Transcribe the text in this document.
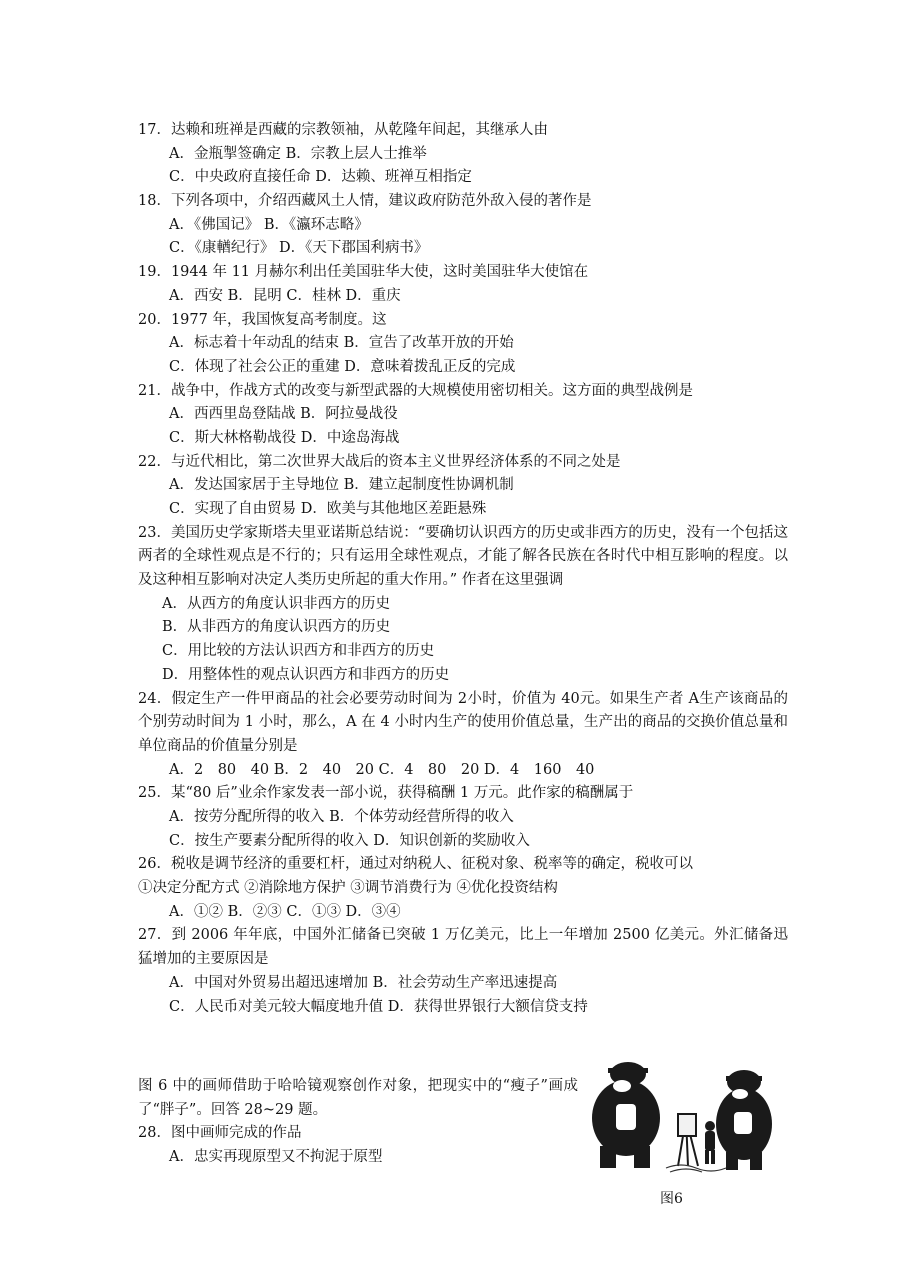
17．达赖和班禅是西藏的宗教领袖，从乾隆年间起，其继承人由
A．金瓶掣签确定 B．宗教上层人士推举
C．中央政府直接任命 D．达赖、班禅互相指定
18．下列各项中，介绍西藏风土人情，建议政府防范外敌入侵的著作是
A．《佛国记》 B．《瀛环志略》
C．《康輶纪行》 D．《天下郡国利病书》
19．1944 年 11 月赫尔利出任美国驻华大使，这时美国驻华大使馆在
A．西安 B．昆明 C．桂林 D．重庆
20．1977 年，我国恢复高考制度。这
A．标志着十年动乱的结束 B．宣告了改革开放的开始
C．体现了社会公正的重建 D．意味着拨乱正反的完成
21．战争中，作战方式的改变与新型武器的大规模使用密切相关。这方面的典型战例是
A．西西里岛登陆战 B．阿拉曼战役
C．斯大林格勒战役 D．中途岛海战
22．与近代相比，第二次世界大战后的资本主义世界经济体系的不同之处是
A．发达国家居于主导地位 B．建立起制度性协调机制
C．实现了自由贸易 D．欧美与其他地区差距悬殊
23．美国历史学家斯塔夫里亚诺斯总结说：“要确切认识西方的历史或非西方的历史，没有一个包括这两者的全球性观点是不行的；只有运用全球性观点，才能了解各民族在各时代中相互影响的程度。以及这种相互影响对决定人类历史所起的重大作用。” 作者在这里强调
A．从西方的角度认识非西方的历史
B．从非西方的角度认识西方的历史
C．用比较的方法认识西方和非西方的历史
D．用整体性的观点认识西方和非西方的历史
24．假定生产一件甲商品的社会必要劳动时间为 2小时，价值为 40元。如果生产者 A生产该商品的个别劳动时间为 1 小时，那么，A 在 4 小时内生产的使用价值总量，生产出的商品的交换价值总量和单位商品的价值量分别是
A．2　80　40 B．2　40　20 C．4　80　20 D．4　160　40
25．某“80 后”业余作家发表一部小说，获得稿酬 1 万元。此作家的稿酬属于
A．按劳分配所得的收入 B．个体劳动经营所得的收入
C．按生产要素分配所得的收入 D．知识创新的奖励收入
26．税收是调节经济的重要杠杆，通过对纳税人、征税对象、税率等的确定，税收可以
①决定分配方式 ②消除地方保护 ③调节消费行为 ④优化投资结构
A．①② B．②③ C．①③ D．③④
27．到 2006 年年底，中国外汇储备已突破 1 万亿美元，比上一年增加 2500 亿美元。外汇储备迅猛增加的主要原因是
A．中国对外贸易出超迅速增加 B．社会劳动生产率迅速提高
C．人民币对美元较大幅度地升值 D．获得世界银行大额信贷支持
图 6 中的画师借助于哈哈镜观察创作对象，把现实中的“瘦子”画成了“胖子”。回答 28~29 题。
28．图中画师完成的作品
A．忠实再现原型又不拘泥于原型
图6
